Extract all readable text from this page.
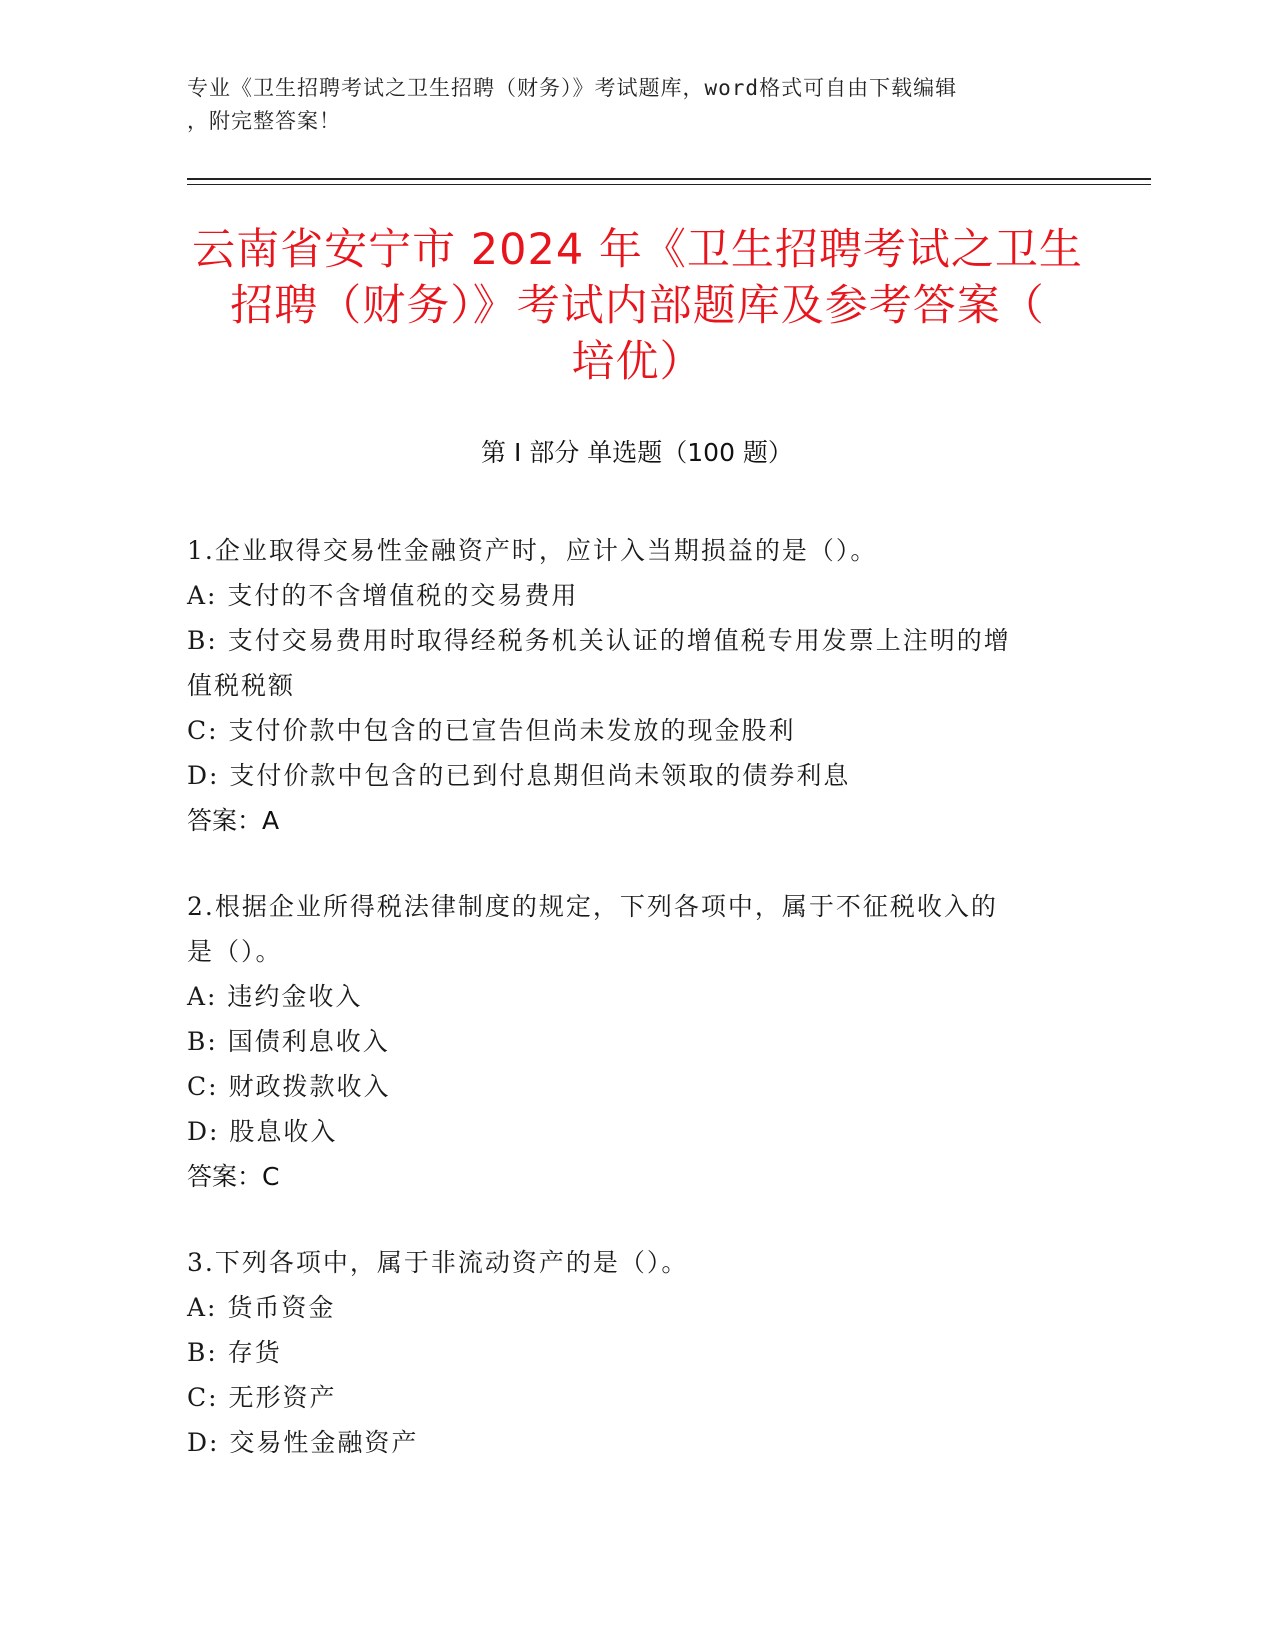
专业《卫生招聘考试之卫生招聘（财务）》考试题库，word格式可自由下载编辑
，附完整答案！
云南省安宁市 2024 年《卫生招聘考试之卫生
招聘（财务）》考试内部题库及参考答案（
培优）
第 I 部分 单选题（100 题）
1.企业取得交易性金融资产时，应计入当期损益的是（）。
A: 支付的不含增值税的交易费用
B: 支付交易费用时取得经税务机关认证的增值税专用发票上注明的增
值税税额
C: 支付价款中包含的已宣告但尚未发放的现金股利
D: 支付价款中包含的已到付息期但尚未领取的债券利息
答案：A
2.根据企业所得税法律制度的规定，下列各项中，属于不征税收入的
是（）。
A: 违约金收入
B: 国债利息收入
C: 财政拨款收入
D: 股息收入
答案：C
3.下列各项中，属于非流动资产的是（）。
A: 货币资金
B: 存货
C: 无形资产
D: 交易性金融资产
